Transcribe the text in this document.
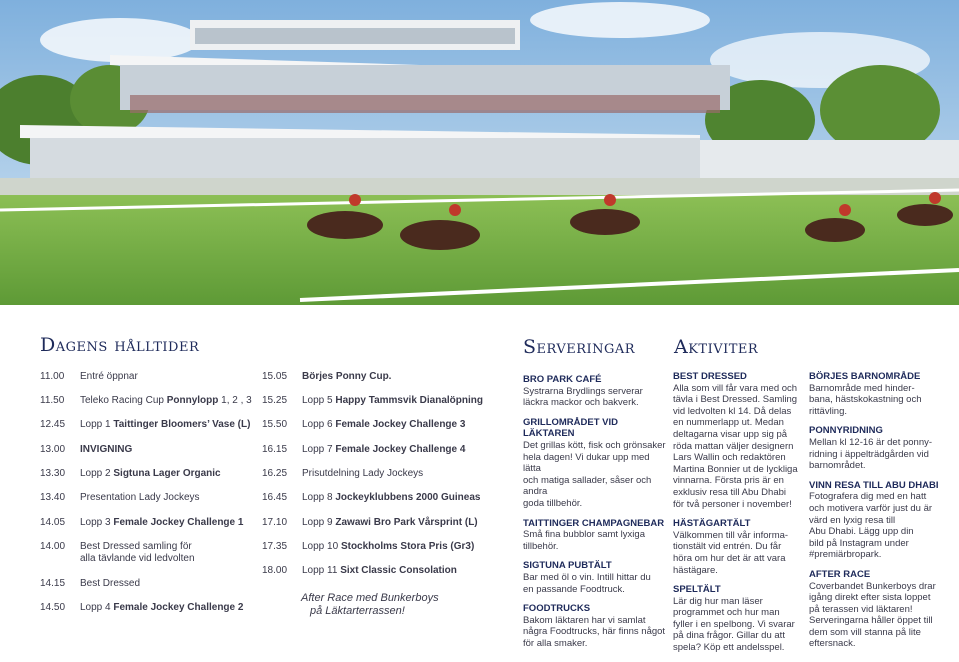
Dagens hålltider	Serveringar Aktiviter
11.00 Entré öppnar
11.50 Teleko Racing Cup Ponnylopp 1, 2 , 3
12.45 Lopp 1 Taittinger Bloomers’ Vase (L)
13.00 INVIGNING
13.30 Lopp 2 Sigtuna Lager Organic
13.40 Presentation Lady Jockeys
14.05 Lopp 3 Female Jockey Challenge 1
14.00 Best Dressed samling för
alla tävlande vid ledvolten
14.15 Best Dressed
14.50 Lopp 4 Female Jockey Challenge 2
15.05 Börjes Ponny Cup.
15.25 Lopp 5 Happy Tammsvik Dianalöpning
15.50 Lopp 6 Female Jockey Challenge 3
16.15 Lopp 7 Female Jockey Challenge 4
16.25 Prisutdelning Lady Jockeys
16.45 Lopp 8 Jockeyklubbens 2000 Guineas
17.10 Lopp 9 Zawawi Bro Park Vårsprint (L)
17.35 Lopp 10 Stockholms Stora Pris (Gr3)
18.00 Lopp 11 Sixt Classic Consolation
After Race med Bunkerboys
på Läktarterrassen!
BRO PARK CAFÉ
Systrarna Brydlings serverar
läckra mackor och bakverk.
GRILLOMRÅDET VID LÄKTAREN
Det grillas kött, fisk och grönsaker
hela dagen! Vi dukar upp med lätta
och matiga sallader, såser och andra
goda tillbehör.
TAITTINGER CHAMPAGNEBAR
Små fina bubblor samt lyxiga
tillbehör.
SIGTUNA PUBTÄLT
Bar med öl o vin. Intill hittar du
en passande Foodtruck.
FOODTRUCKS
Bakom läktaren har vi samlat
några Foodtrucks, här finns något
för alla smaker.
BEST DRESSED
Alla som vill får vara med och
tävla i Best Dressed. Samling
vid ledvolten kl 14. Då delas
en nummerlapp ut. Medan
deltagarna visar upp sig på
röda mattan väljer designern
Lars Wallin och redaktören
Martina Bonnier ut de lyckliga
vinnarna. Första pris är en
exklusiv resa till Abu Dhabi
för två personer i november!
HÄSTÄGARTÄLT
Välkommen till vår informa-
tionstält vid entrén. Du får
höra om hur det är att vara
hästägare.
SPELTÄLT
Lär dig hur man läser
programmet och hur man
fyller i en spelbong. Vi svarar
på dina frågor. Gillar du att
spela? Köp ett andelsspel.
BÖRJES BARNOMRÅDE
Barnområde med hinder-
bana, hästskokastning och
rittävling.
PONNYRIDNING
Mellan kl 12-16 är det ponny-
ridning i äppelträdgården vid
barnområdet.
VINN RESA TILL ABU DHABI
Fotografera dig med en hatt
och motivera varför just du är
värd en lyxig resa till
Abu Dhabi. Lägg upp din
bild på Instagram under
#premiärbropark.
AFTER RACE
Coverbandet Bunkerboys drar
igång direkt efter sista loppet
på terassen vid läktaren!
Serveringarna håller öppet till
dem som vill stanna på lite
eftersnack.
